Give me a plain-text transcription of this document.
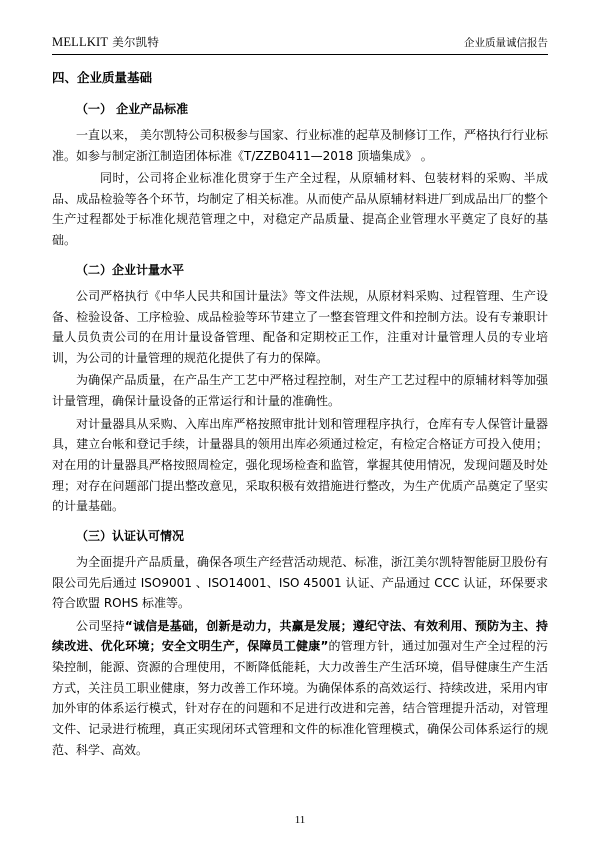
MELLKIT 美尔凯特	企业质量诚信报告
四、企业质量基础
（一） 企业产品标准

一直以来， 美尔凯特公司积极参与国家、行业标准的起草及制修订工作，严格执行行业标准。如参与制定浙江制造团体标准《T/ZZB0411—2018 顶墙集成》 。

同时，公司将企业标准化贯穿于生产全过程，从原辅材料、包装材料的采购、半成品、成品检验等各个环节，均制定了相关标准。从而使产品从原辅材料进厂到成品出厂的整个生产过程都处于标准化规范管理之中，对稳定产品质量、提高企业管理水平奠定了良好的基础。

（二）企业计量水平

公司严格执行《中华人民共和国计量法》等文件法规，从原材料采购、过程管理、生产设备、检验设备、工序检验、成品检验等环节建立了一整套管理文件和控制方法。设有专兼职计量人员负责公司的在用计量设备管理、配备和定期校正工作，注重对计量管理人员的专业培训，为公司的计量管理的规范化提供了有力的保障。

为确保产品质量，在产品生产工艺中严格过程控制，对生产工艺过程中的原辅材料等加强计量管理，确保计量设备的正常运行和计量的准确性。

对计量器具从采购、入库出库严格按照审批计划和管理程序执行，仓库有专人保管计量器具，建立台帐和登记手续，计量器具的领用出库必须通过检定，有检定合格证方可投入使用；对在用的计量器具严格按照周检定，强化现场检查和监管，掌握其使用情况，发现问题及时处理；对存在问题部门提出整改意见，采取积极有效措施进行整改，为生产优质产品奠定了坚实的计量基础。

（三）认证认可情况

为全面提升产品质量，确保各项生产经营活动规范、标准，浙江美尔凯特智能厨卫股份有限公司先后通过 ISO9001 、ISO14001、ISO 45001 认证、产品通过 CCC 认证，环保要求符合欧盟 ROHS 标准等。

公司坚持“诚信是基础，创新是动力，共赢是发展；遵纪守法、有效利用、预防为主、持续改进、优化环境；安全文明生产，保障员工健康”的管理方针，通过加强对生产全过程的污染控制，能源、资源的合理使用，不断降低能耗，大力改善生产生活环境，倡导健康生产生活方式，关注员工职业健康，努力改善工作环境。为确保体系的高效运行、持续改进，采用内审加外审的体系运行模式，针对存在的问题和不足进行改进和完善，结合管理提升活动，对管理文件、记录进行梳理，真正实现闭环式管理和文件的标准化管理模式，确保公司体系运行的规范、科学、高效。

11
